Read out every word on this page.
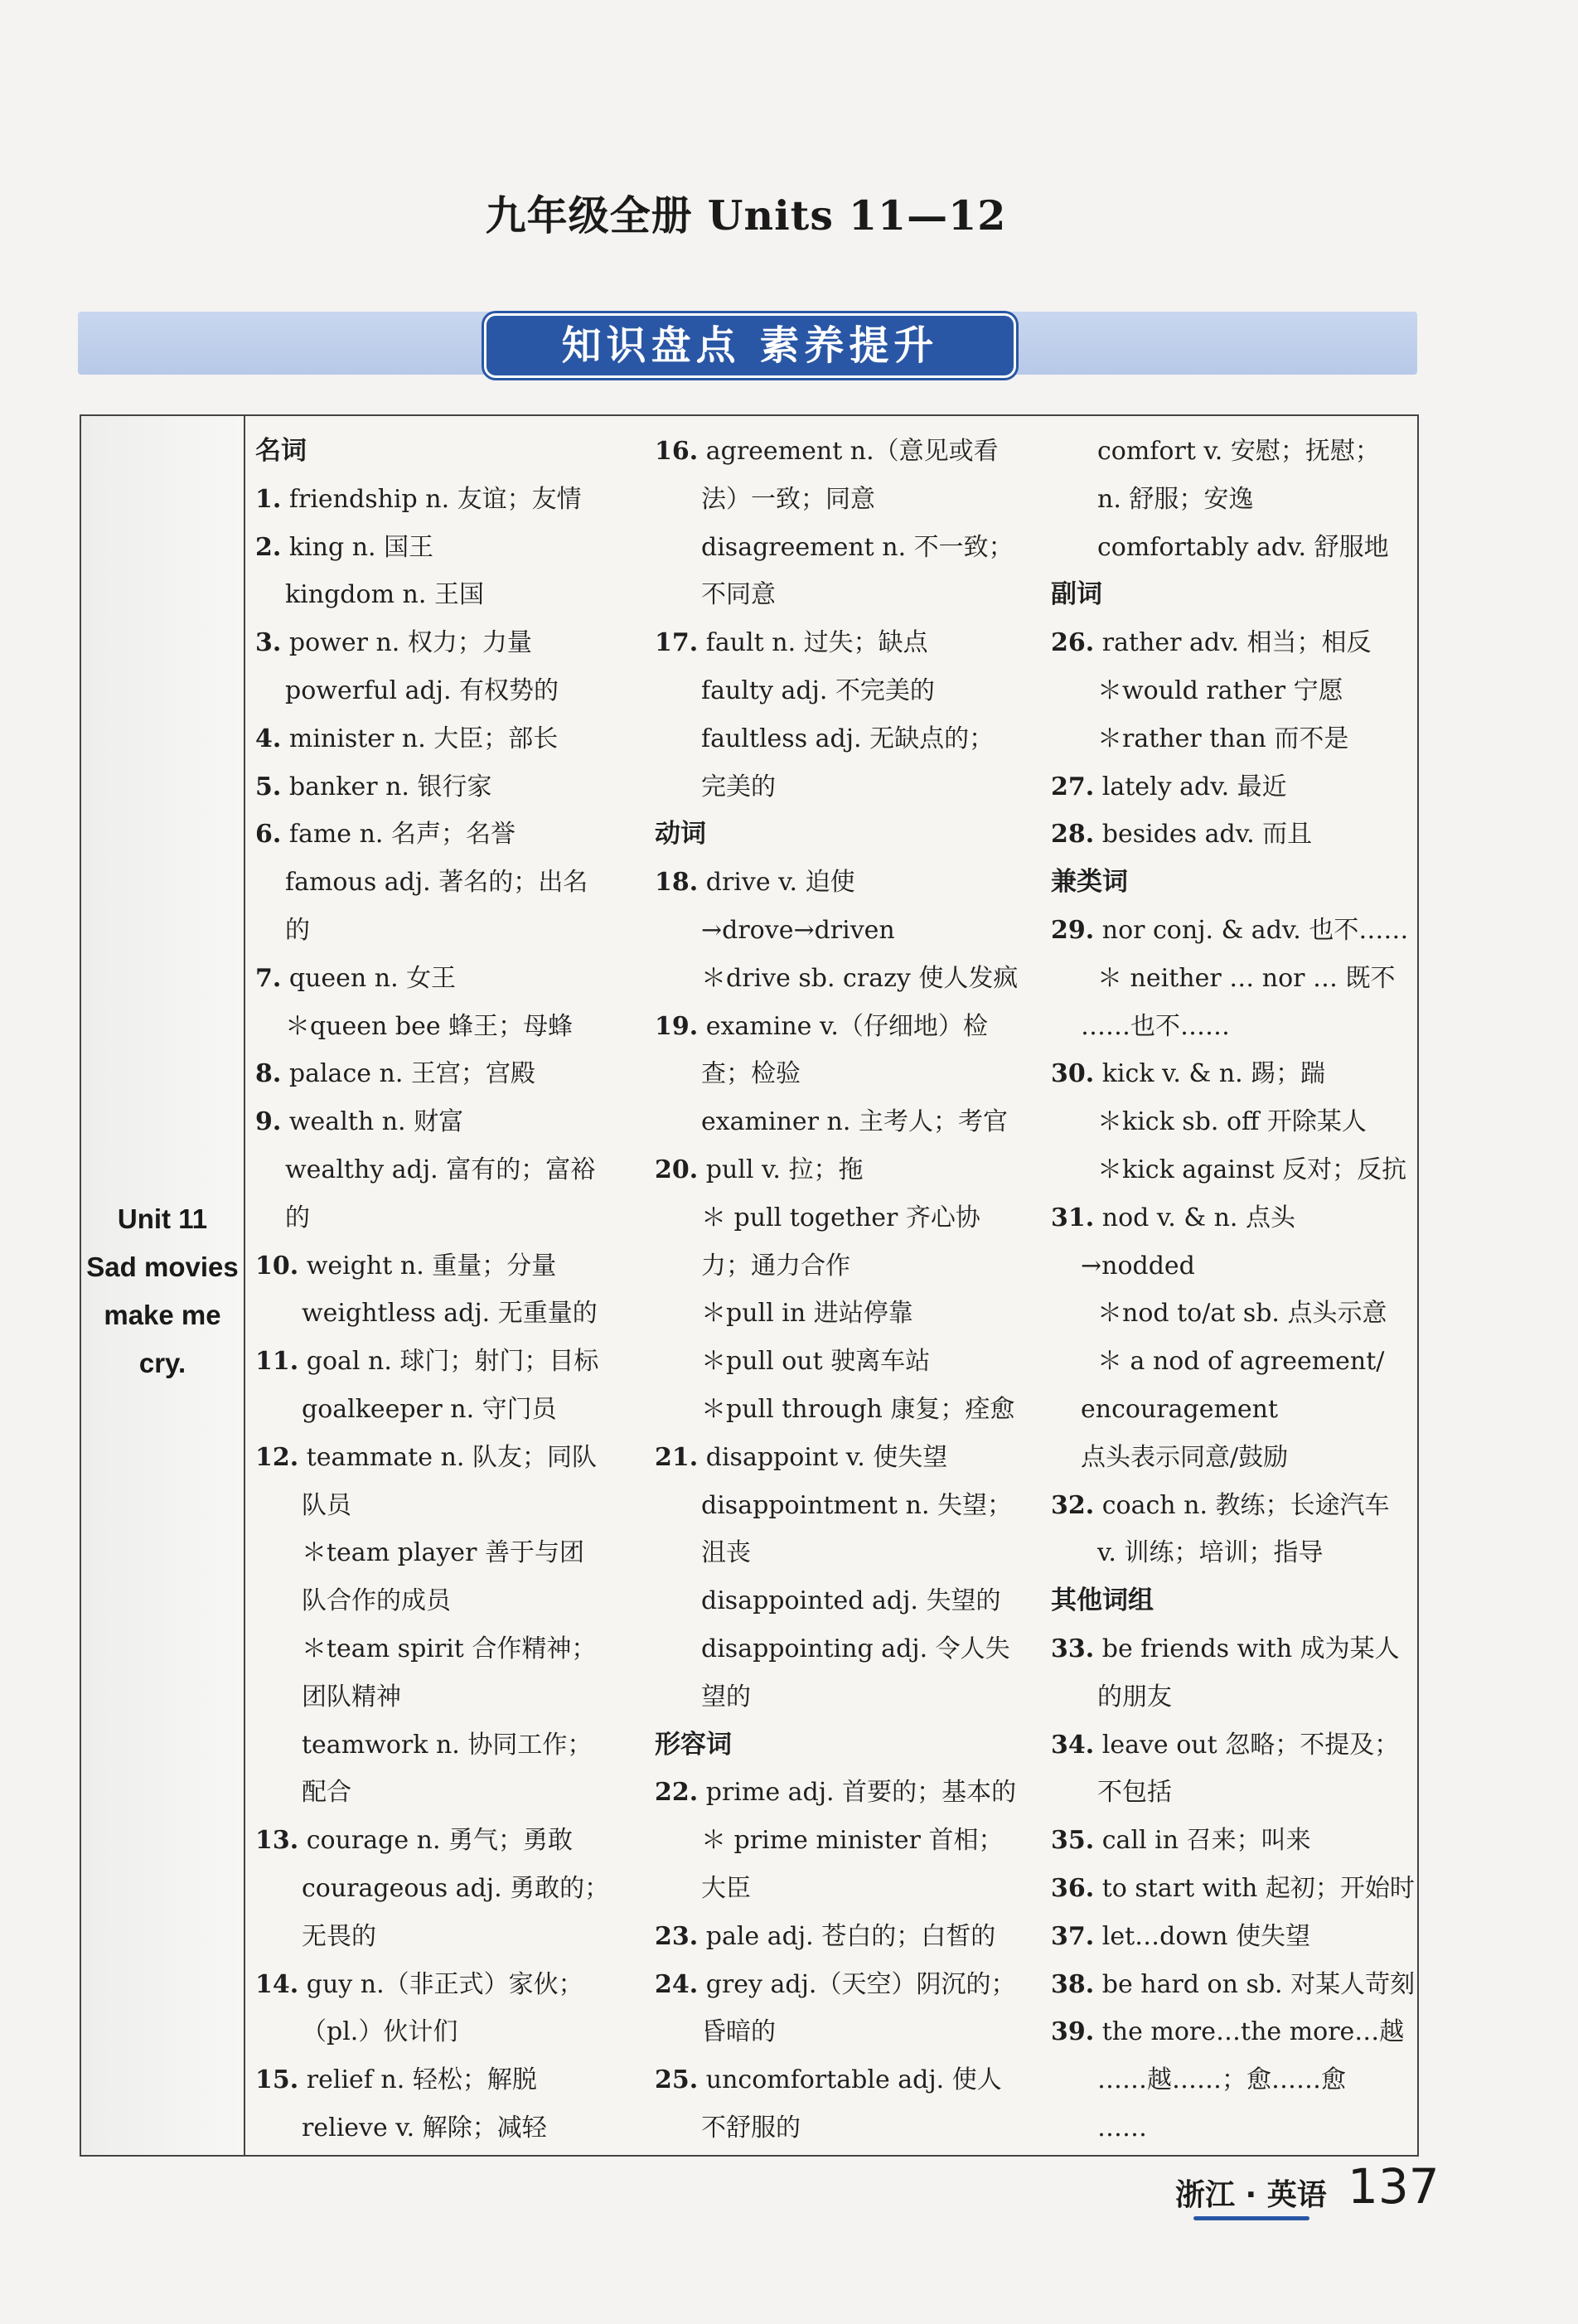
九年级全册 Units 11—12
知识盘点 素养提升
Unit 11
Sad movies
make me
cry.
名词
1. friendship n. 友谊；友情
2. king n. 国王
kingdom n. 王国
3. power n. 权力；力量
powerful adj. 有权势的
4. minister n. 大臣；部长
5. banker n. 银行家
6. fame n. 名声；名誉
famous adj. 著名的；出名
的
7. queen n. 女王
＊queen bee 蜂王；母蜂
8. palace n. 王宫；宫殿
9. wealth n. 财富
wealthy adj. 富有的；富裕
的
10. weight n. 重量；分量
weightless adj. 无重量的
11. goal n. 球门；射门；目标
goalkeeper n. 守门员
12. teammate n. 队友；同队
队员
＊team player 善于与团
队合作的成员
＊team spirit 合作精神；
团队精神
teamwork n. 协同工作；
配合
13. courage n. 勇气；勇敢
courageous adj. 勇敢的；
无畏的
14. guy n.（非正式）家伙；
（pl.）伙计们
15. relief n. 轻松；解脱
relieve v. 解除；减轻
16. agreement n.（意见或看
法）一致；同意
disagreement n. 不一致；
不同意
17. fault n. 过失；缺点
faulty adj. 不完美的
faultless adj. 无缺点的；
完美的
动词
18. drive v. 迫使
→drove→driven
＊drive sb. crazy 使人发疯
19. examine v.（仔细地）检
查；检验
examiner n. 主考人；考官
20. pull v. 拉；拖
＊ pull together 齐心协
力；通力合作
＊pull in 进站停靠
＊pull out 驶离车站
＊pull through 康复；痊愈
21. disappoint v. 使失望
disappointment n. 失望；
沮丧
disappointed adj. 失望的
disappointing adj. 令人失
望的
形容词
22. prime adj. 首要的；基本的
＊ prime minister 首相；
大臣
23. pale adj. 苍白的；白皙的
24. grey adj.（天空）阴沉的；
昏暗的
25. uncomfortable adj. 使人
不舒服的
comfort v. 安慰；抚慰；
n. 舒服；安逸
comfortably adv. 舒服地
副词
26. rather adv. 相当；相反
＊would rather 宁愿
＊rather than 而不是
27. lately adv. 最近
28. besides adv. 而且
兼类词
29. nor conj. & adv. 也不……
＊ neither … nor … 既不
……也不……
30. kick v. & n. 踢；踹
＊kick sb. off 开除某人
＊kick against 反对；反抗
31. nod v. & n. 点头
→nodded
＊nod to/at sb. 点头示意
＊ a nod of agreement/
encouragement
点头表示同意/鼓励
32. coach n. 教练；长途汽车
v. 训练；培训；指导
其他词组
33. be friends with 成为某人
的朋友
34. leave out 忽略；不提及；
不包括
35. call in 召来；叫来
36. to start with 起初；开始时
37. let…down 使失望
38. be hard on sb. 对某人苛刻
39. the more…the more…越
……越……；愈……愈
……
浙江 · 英语 137
